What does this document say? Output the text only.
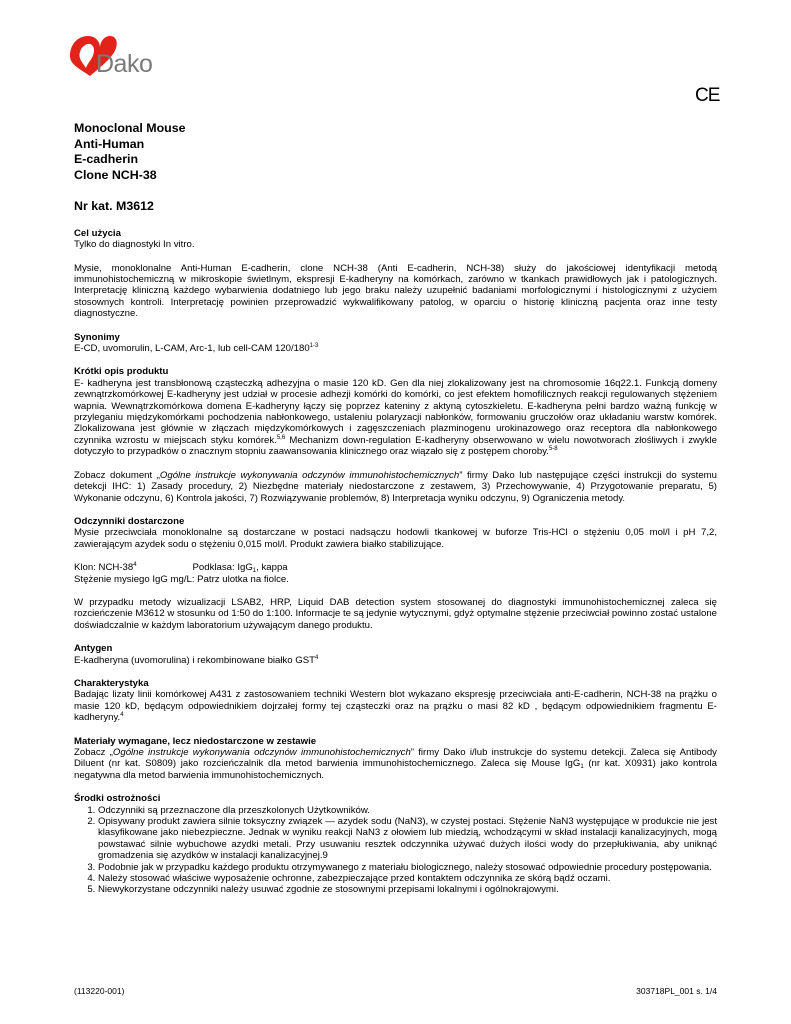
Dako
CE
Monoclonal Mouse
Anti-Human
E-cadherin
Clone NCH-38
Nr kat. M3612
Cel użycia

Tylko do diagnostyki In vitro.

Mysie, monoklonalne Anti-Human E-cadherin, clone NCH-38 (Anti E-cadherin, NCH-38) służy do jakościowej identyfikacji metodą immunohistochemiczną w mikroskopie świetlnym, ekspresji E-kadheryny na komórkach, zarówno w tkankach prawidłowych jak i patologicznych. Interpretację kliniczną każdego wybarwienia dodatniego lub jego braku należy uzupełnić badaniami morfologicznymi i histologicznymi z użyciem stosownych kontroli. Interpretację powinien przeprowadzić wykwalifikowany patolog, w oparciu o historię kliniczną pacjenta oraz inne testy diagnostyczne.

Synonimy

E-CD, uvomorulin, L-CAM, Arc-1, lub cell-CAM 120/180$^{1-3}$

Krótki opis produktu

E- kadheryna jest transbłonową cząsteczką adhezyjna o masie 120 kD. Gen dla niej zlokalizowany jest na chromosomie 16q22.1. Funkcją domeny zewnątrzkomórkowej E-kadheryny jest udział w procesie adhezji komórki do komórki, co jest efektem homofilicznych reakcji regulowanych stężeniem wapnia. Wewnątrzkomórkowa domena E-kadheryny łączy się poprzez kateniny z aktyną cytoszkieletu. E-kadheryna pełni bardzo ważną funkcję w przyleganiu międzykomórkami pochodzenia nabłonkowego, ustaleniu polaryzacji nabłonków, formowaniu gruczołów oraz układaniu warstw komórek. Zlokalizowana jest głównie w złączach międzykomórkowych i zagęszczeniach plazminogenu urokinazowego oraz receptora dla nabłonkowego czynnika wzrostu w miejscach styku komórek.$^{5,6}$ Mechanizm down-regulation E-kadheryny obserwowano w wielu nowotworach złośliwych i zwykle dotyczyło to przypadków o znacznym stopniu zaawansowania klinicznego oraz wiązało się z postępem choroby.$^{5-8}$

Zobacz dokument „Ogólne instrukcje wykonywania odczynów immunohistochemicznych” firmy Dako lub następujące części instrukcji do systemu detekcji IHC: 1) Zasady procedury, 2) Niezbędne materiały niedostarczone z zestawem, 3) Przechowywanie, 4) Przygotowanie preparatu, 5) Wykonanie odczynu, 6) Kontrola jakości, 7) Rozwiązywanie problemów, 8) Interpretacja wyniku odczynu, 9) Ograniczenia metody.

Odczynniki dostarczone

Mysie przeciwciała monoklonalne są dostarczane w postaci nadsączu hodowli tkankowej w buforze Tris-HCl o stężeniu 0,05 mol/l i pH 7,2, zawierającym azydek sodu o stężeniu 0,015 mol/l. Produkt zawiera białko stabilizujące.

Klon: NCH-$38^4$	Podklasa: IgG$_1$, kappa

Stężenie mysiego IgG mg/L: Patrz ulotka na fiolce.

W przypadku metody wizualizacji LSAB2, HRP, Liquid DAB detection system stosowanej do diagnostyki immunohistochemicznej zaleca się rozcieńczenie M3612 w stosunku od 1:50 do 1:100. Informacje te są jedynie wytycznymi, gdyż optymalne stężenie przeciwciał powinno zostać ustalone doświadczalnie w każdym laboratorium używającym danego produktu.

Antygen

E-kadheryna (uvomorulina) i rekombinowane białko GST$^4$

Charakterystyka

Badając lizaty linii komórkowej A431 z zastosowaniem techniki Western blot wykazano ekspresję przeciwciała anti-E-cadherin, NCH-38 na prążku o masie 120 kD, będącym odpowiednikiem dojrzałej formy tej cząsteczki oraz na prążku o masi 82 kD , będącym odpowiednikiem fragmentu E-kadheryny.$^4$

Materiały wymagane, lecz niedostarczone w zestawie

Zobacz „Ogólne instrukcje wykonywania odczynów immunohistochemicznych” firmy Dako i/lub instrukcje do systemu detekcji. Zaleca się Antibody Diluent (nr kat. S0809) jako rozcieńczalnik dla metod barwienia immunohistochemicznego. Zaleca się Mouse IgG$_1$ (nr kat. X0931) jako kontrola negatywna dla metod barwienia immunohistochemicznych.

Środki ostrożności
1. Odczynniki są przeznaczone dla przeszkolonych Użytkowników.
2. Opisywany produkt zawiera silnie toksyczny związek — azydek sodu (NaN3), w czystej postaci. Stężenie NaN3 występujące w produkcie nie jest klasyfikowane jako niebezpieczne. Jednak w wyniku reakcji NaN3 z ołowiem lub miedzią, wchodzącymi w skład instalacji kanalizacyjnych, mogą powstawać silnie wybuchowe azydki metali. Przy usuwaniu resztek odczynnika używać dużych ilości wody do przepłukiwania, aby uniknąć gromadzenia się azydków w instalacji kanalizacyjnej.9
3. Podobnie jak w przypadku każdego produktu otrzymywanego z materiału biologicznego, należy stosować odpowiednie procedury postępowania.
4. Należy stosować właściwe wyposażenie ochronne, zabezpieczające przed kontaktem odczynnika ze skórą bądź oczami.
5. Niewykorzystane odczynniki należy usuwać zgodnie ze stosownymi przepisami lokalnymi i ogólnokrajowymi.
(113220-001)	303718PL_001 s. 1/4
